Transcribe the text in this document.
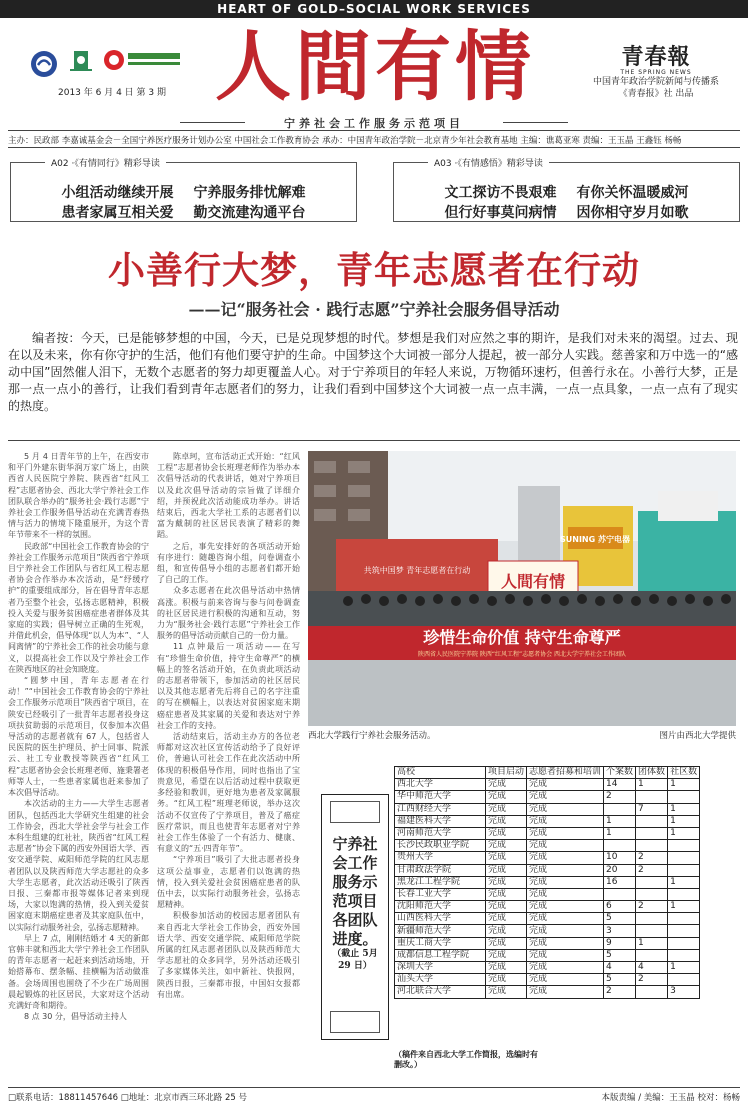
HEART OF GOLD–SOCIAL WORK SERVICES
人間有情
2013 年 6 月 4 日 第 3 期
宁养社会工作服务示范项目
青春報
THE SPRING NEWS
中国青年政治学院新闻与传播系
《青春报》社 出品
主办：民政部 李嘉诚基金会－全国宁养医疗服务计划办公室 中国社会工作教育协会 承办：中国青年政治学院－北京青少年社会教育基地 主编：谯葛亚寒 责编：王玉晶 王鑫钰 杨畅
A02 ·《有情同行》精彩导读
小组活动继续开展 宁养服务排忧解难
患者家属互相关爱 勤交流建沟通平台
A03 ·《有情感悟》精彩导读
文工探访不畏艰难 有你关怀温暖威河
但行好事莫问病情 因你相守岁月如歌
小善行大梦，青年志愿者在行动
——记“服务社会 · 践行志愿”宁养社会服务倡导活动
编者按：今天，已是能够梦想的中国，今天，已是兑现梦想的时代。梦想是我们对应然之事的期许，是我们对未来的渴望。过去、现在以及未来，你有你守护的生活，他们有他们要守护的生命。中国梦这个大词被一部分人提起，被一部分人实践。慈善家和万中选一的“感动中国”固然催人泪下，无数个志愿者的努力却更覆盖人心。对于宁养项目的年轻人来说，万物循环速朽，但善行永在。小善行大梦，正是那一点一点小的善行，让我们看到青年志愿者们的努力，让我们看到中国梦这个大词被一点一点丰满，一点一点具象，一点一点有了现实的热度。

5 月 4 日青年节的上午，在西安市和平门外建东街华润万家广场上，由陕西省人民医院宁养院、陕西省“红风工程”志愿者协会、西北大学宁养社会工作团队联合举办的“服务社会·践行志愿”宁养社会工作服务倡导活动在充满青春热情与活力的情境下隆重展开，为这个青年节带来不一样的氛围。

民政部“中国社会工作教育协会的宁养社会工作服务示范项目”陕西省宁养项目宁养社会工作团队与省红风工程志愿者协会合作举办本次活动，是“纾缓疗护”的重要组成部分，旨在倡导青年志愿者乃至整个社会，弘扬志愿精神，积极投入关爱与服务贫困癌症患者群体及其家庭的实践；倡导树立正确的生死观，并借此机会，倡导体现“以人为本”、“人间离情”的宁养社会工作的社会功能与意义，以提高社会工作以及宁养社会工作在陕西地区的社会知晓度。

“圆梦中国，青年志愿者在行动！”“中国社会工作教育协会的宁养社会工作服务示范项目”陕西省宁项目，在陕安已经吸引了一批青年志愿者投身这项扶贫助弱的示范项目，仅参加本次倡导活动的志愿者就有 67 人，包括省人民医院的医生护理员、护士同事、院派云、社工专业教授等陕西省“红风工程”志愿者协会会长班理老师、施秉署老师等人士，一些患者家属也赶来参加了本次倡导活动。

本次活动的主力——大学生志愿者团队，包括西北大学研究生组建的社会工作协会，西北大学社会学与社会工作本科生组建的红社社，陕西省“红风工程志愿者”协会下属的西安外国语大学、西安交通学院、咸阳师范学院的红风志愿者团队以及陕西师范大学志愿社的众多大学生志愿者，此次活动还吸引了陕西日报、三秦都市报等媒体记者来到现场，大家以饱满的热情，投入到关爱贫困家庭末期癌症患者及其家庭队伍中，以实际行动服务社会，弘扬志愿精神。

早上 7 点，刚刚结婚才 4 天的新郎官韩丰就和西北大学宁养社会工作团队的青年志愿者一起赶来到活动场地，开始搭幕布、摆条幅、挂横幅为活动做准备。会场周围也围绕了不少在广场周围晨起锻炼的社区居民，大家对这个活动充满好奇和期待。

8 点 30 分，倡导活动主持人

陈卓珂，宣布活动正式开始：“红风工程”志愿者协会长班理老师作为举办本次倡导活动的代表讲话，她对宁养项目以及此次倡导活动的宗旨做了详细介绍，并预祝此次活动能成功举办。讲话结束后，西北大学社工系的志愿者们以富为戴制的社区居民表演了精彩的舞蹈。

之后，事先安排好的各项活动开始有序进行：随趣咨询小组，问卷调查小组，和宣传倡导小组的志愿者们都开始了自己的工作。

众多志愿者在此次倡导活动中热情高涨。积极与前来咨询与参与问卷调查的社区居民进行积极的沟通和互动，努力为“服务社会·践行志愿”宁养社会工作服务的倡导活动贡献自己的一份力量。

11 点钟最后一项活动——在写有“珍惜生命价值，持守生命尊严”的横幅上的签名活动开始，在负责此项活动的志愿者带领下，参加活动的社区居民以及其他志愿者先后将自己的名字注重的写在横幅上，以表达对贫困家庭末期癌症患者及其家属的关爱和表达对宁养社会工作的支持。

活动结束后，活动主办方的各位老师都对这次社区宣传活动给予了良好评价，普遍认可社会工作在此次活动中所体现的积极倡导作用，同时也指出了宝贵意见，希望在以后活动过程中获取更多经验和教训，更好地为患者及家属服务。“红风工程”班理老师说，举办这次活动不仅宣传了宁养项目，普及了癌症医疗常识，而且也使青年志愿者对宁养社会工作生体验了一个有活力、健康、有意义的“五·四青年节”。

“宁养项目”吸引了大批志愿者投身这项公益事业，志愿者们以饱满的热情，投入到关爱社会贫困癌症患者的队伍中去，以实际行动服务社会，弘扬志愿精神。

积极参加活动的校园志愿者团队有来自西北大学社会工作协会，西安外国语大学、西安交通学院、咸阳师范学院所属的红风志愿者团队以及陕西师范大学志愿社的众多同学，另外活动还吸引了多家媒体关注，如中新社、快报网，陕西日报，三秦都市报，中国妇女报都有出席。

SUNING 苏宁电器
共筑中国梦 青年志愿者在行动
人間有情
珍惜生命价值 持守生命尊严
陕西省人民医院宁养院 陕西“红风工程”志愿者协会 西北大学宁养社会工作团队
西北大学践行宁养社会服务活动。	图片由西北大学提供
宁养社会工作服务示范项目各团队进度。
（截止 5月 29 日）
高校	项目启动	志愿者招募和培训	个案数	团体数	社区数
西北大学	完成	完成	14	1	1
华中师范大学	完成	完成	2		
江西财经大学	完成	完成		7	1
福建医科大学	完成	完成	1		1
河南师范大学	完成	完成	1		1
长沙民政职业学院	完成	完成			
贵州大学	完成	完成	10	2	
甘肃政法学院	完成	完成	20	2	
黑龙江工程学院	完成	完成	16		1
长春工业大学	完成	完成			
沈阳师范大学	完成	完成	6	2	1
山西医科大学	完成	完成	5		
新疆师范大学	完成	完成	3		
重庆工商大学	完成	完成	9	1	
成都信息工程学院	完成	完成	5		
深圳大学	完成	完成	4	4	1
汕头大学	完成	完成	5	2	
河北联合大学	完成	完成	2		3
（稿件来自西北大学工作简报，选编时有删改。）
□联系电话：18811457646 □地址：北京市西三环北路 25 号	本版责编 / 美编：王玉晶 校对：杨畅
